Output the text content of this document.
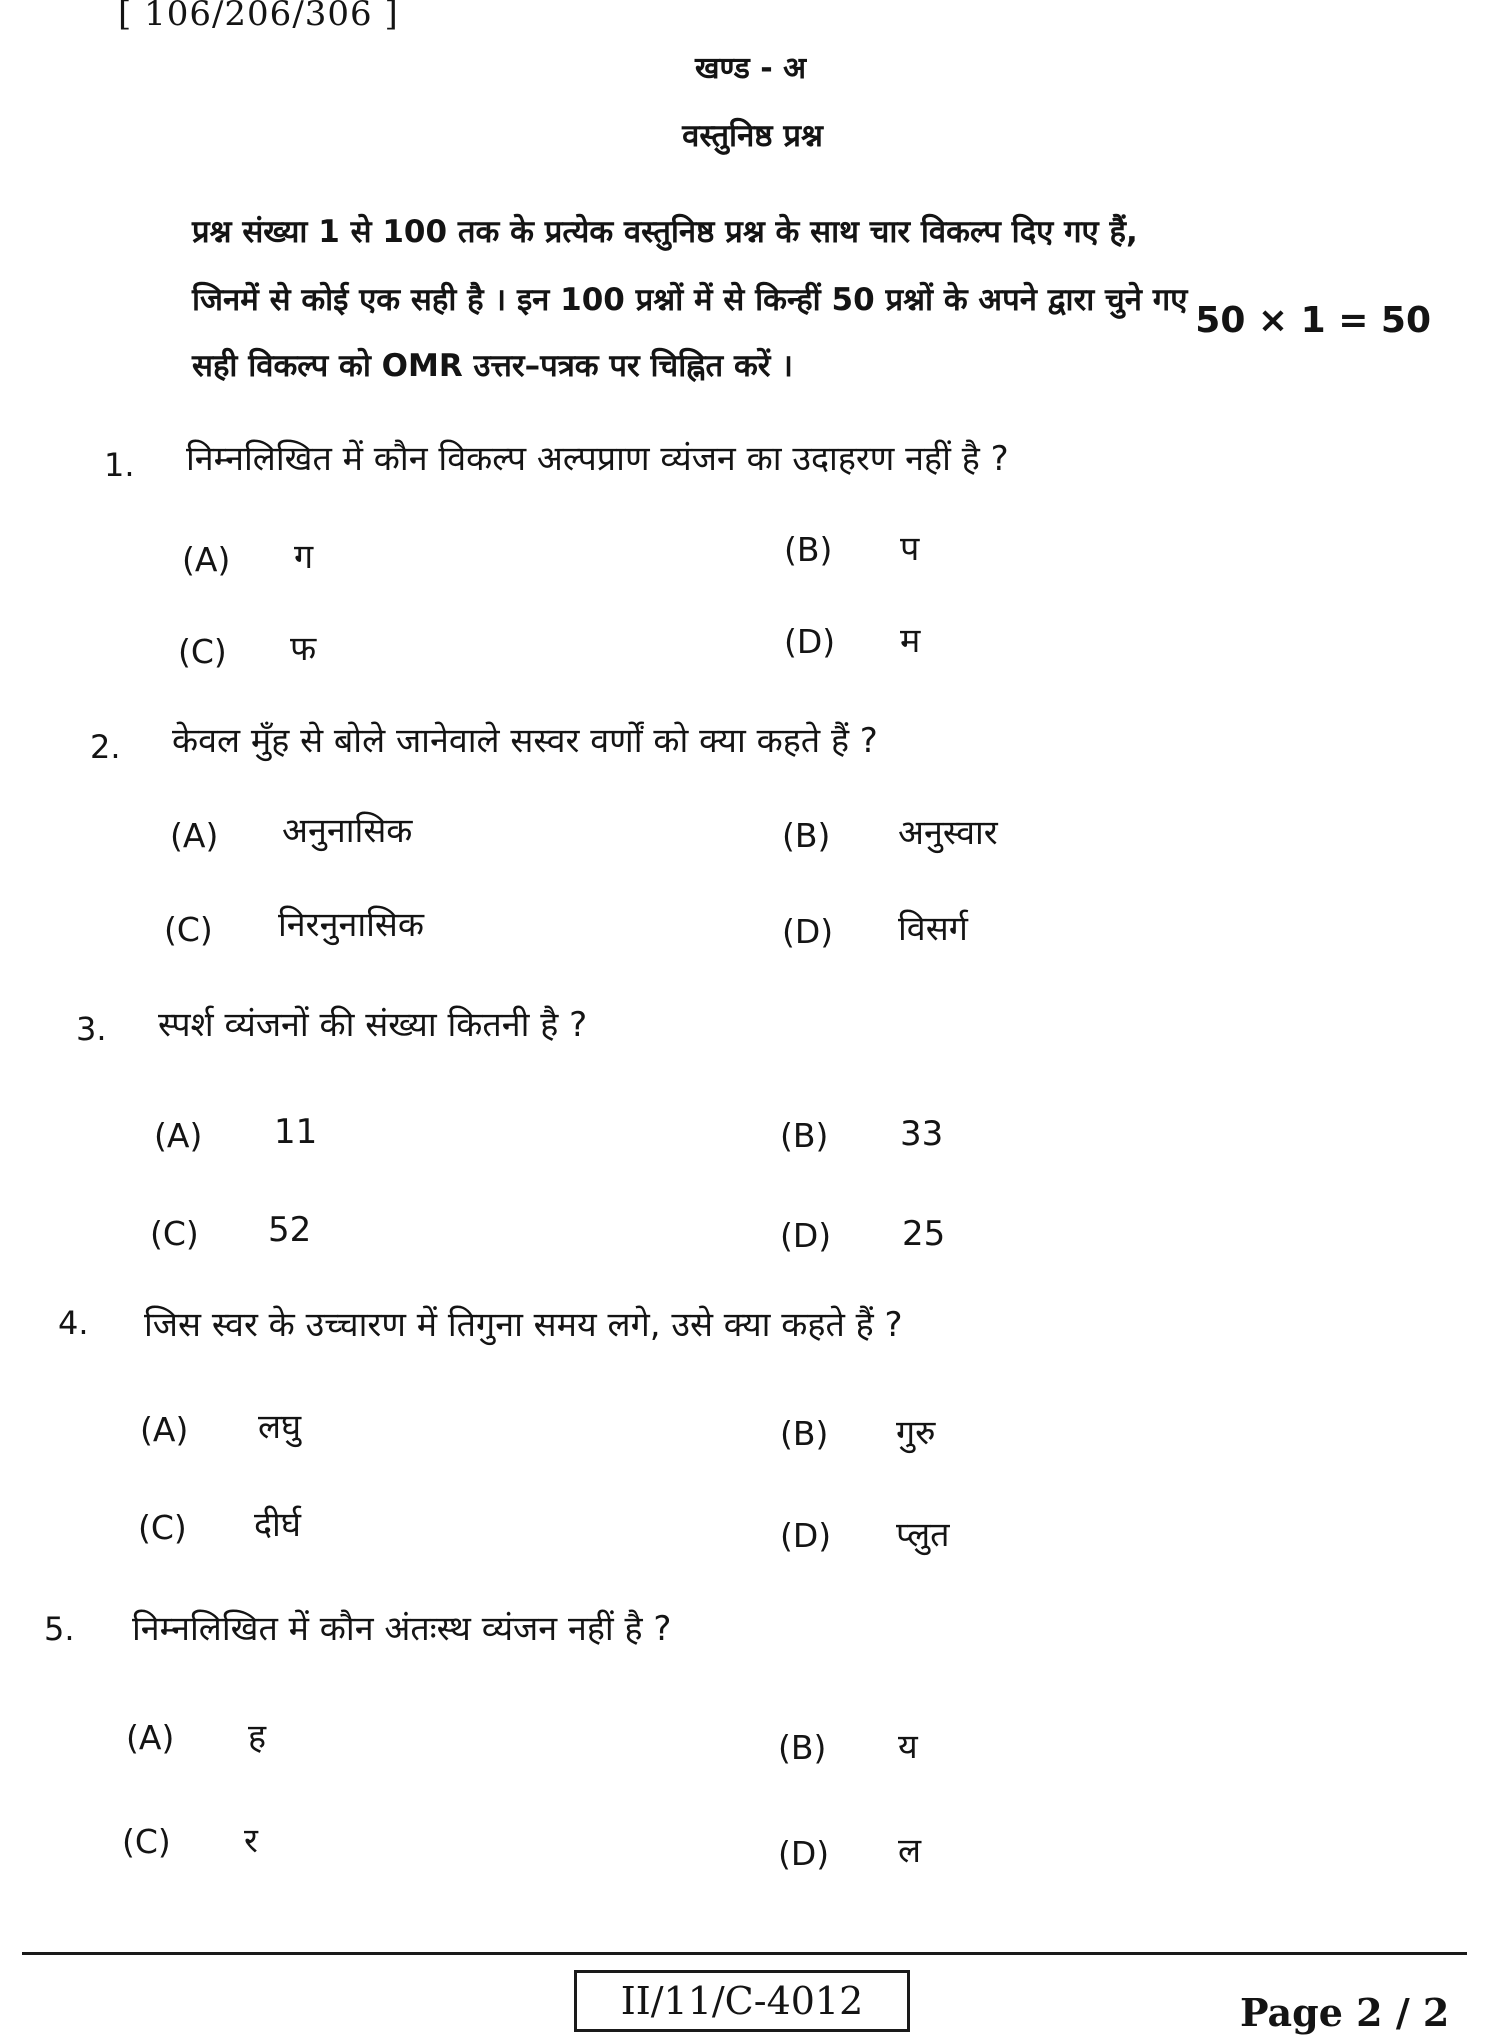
[ 106/206/306 ]
खण्ड - अ
वस्तुनिष्ठ प्रश्न
प्रश्न संख्या 1 से 100 तक के प्रत्येक वस्तुनिष्ठ प्रश्न के साथ चार विकल्प दिए गए हैं,
जिनमें से कोई एक सही है । इन 100 प्रश्नों में से किन्हीं 50 प्रश्नों के अपने द्वारा चुने गए
सही विकल्प को OMR उत्तर–पत्रक पर चिह्नित करें ।
50 × 1 = 50
1. निम्नलिखित में कौन विकल्प अल्पप्राण व्यंजन का उदाहरण नहीं है ?
(A) ग	(B) प
(C) फ	(D) म
2. केवल मुँह से बोले जानेवाले सस्वर वर्णों को क्या कहते हैं ?
(A) अनुनासिक	(B) अनुस्वार
(C) निरनुनासिक	(D) विसर्ग
3. स्पर्श व्यंजनों की संख्या कितनी है ?
(A) 11	(B) 33
(C) 52	(D) 25
4. जिस स्वर के उच्चारण में तिगुना समय लगे, उसे क्या कहते हैं ?
(A) लघु	(B) गुरु
(C) दीर्घ	(D) प्लुत
5. निम्नलिखित में कौन अंतःस्थ व्यंजन नहीं है ?
(A) ह	(B) य
(C) र	(D) ल
II/11/C-4012	Page 2 / 2
